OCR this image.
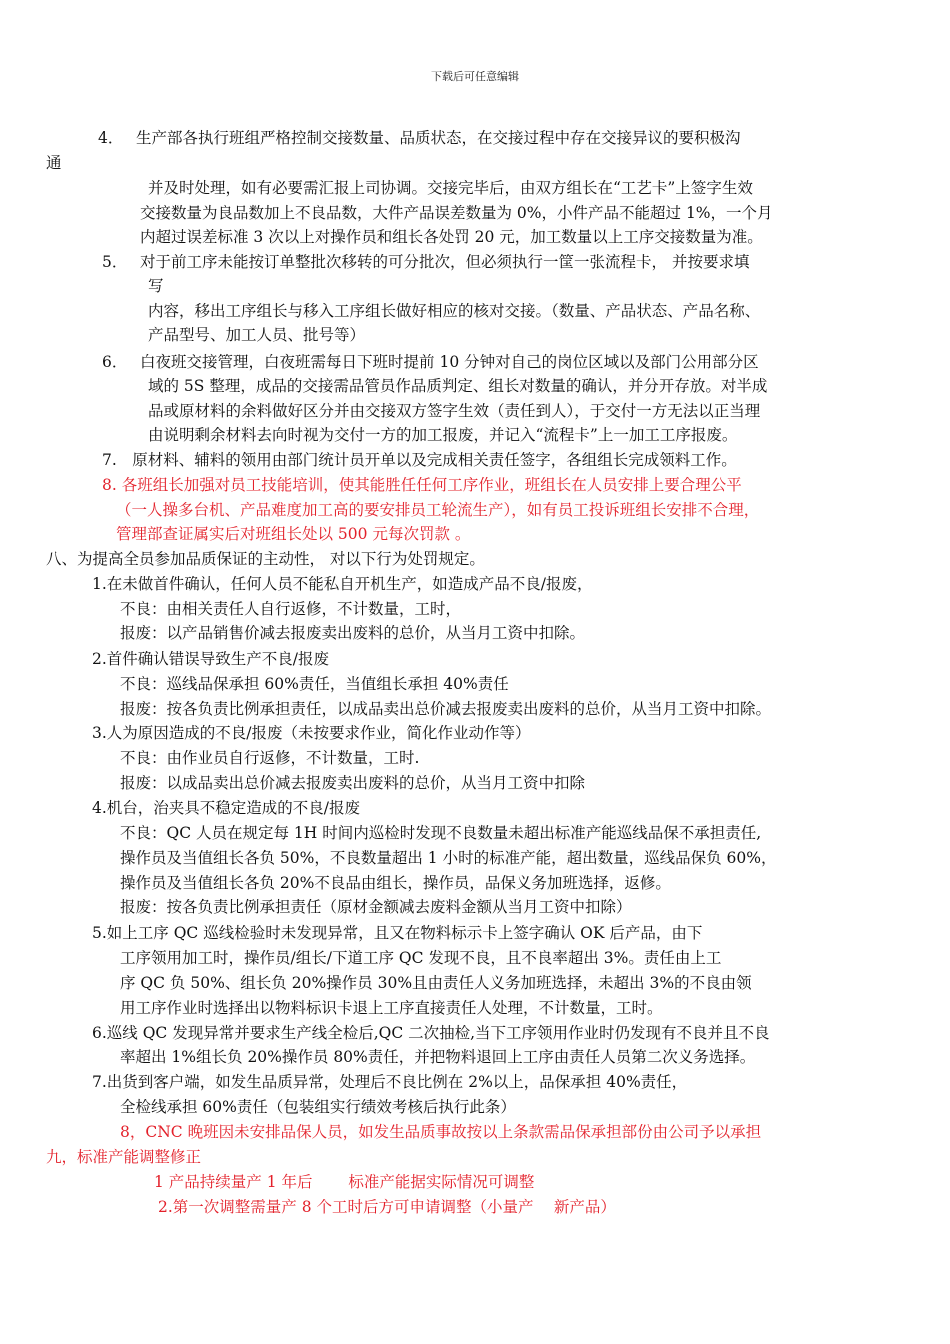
下载后可任意编辑
4．　 生产部各执行班组严格控制交接数量、品质状态，在交接过程中存在交接异议的要积极沟
通
并及时处理，如有必要需汇报上司协调。交接完毕后，由双方组长在“工艺卡”上签字生效
交接数量为良品数加上不良品数，大件产品误差数量为 0%，小件产品不能超过 1%，一个月
内超过误差标准 3 次以上对操作员和组长各处罚 20 元，加工数量以上工序交接数量为准。
5．　 对于前工序未能按订单整批次移转的可分批次，但必须执行一筐一张流程卡， 并按要求填
写
内容，移出工序组长与移入工序组长做好相应的核对交接。（数量、产品状态、产品名称、
产品型号、加工人员、批号等）
6．　 白夜班交接管理，白夜班需每日下班时提前 10 分钟对自己的岗位区域以及部门公用部分区
域的 5S 整理，成品的交接需品管员作品质判定、组长对数量的确认，并分开存放。对半成
品或原材料的余料做好区分并由交接双方签字生效（责任到人），于交付一方无法以正当理
由说明剩余材料去向时视为交付一方的加工报废，并记入“流程卡”上一加工工序报废。
7.　原材料、辅料的领用由部门统计员开单以及完成相关责任签字，各组组长完成领料工作。
8. 各班组长加强对员工技能培训，使其能胜任任何工序作业，班组长在人员安排上要合理公平
（一人操多台机、产品难度加工高的要安排员工轮流生产），如有员工投诉班组长安排不合理，
管理部查证属实后对班组长处以 500 元每次罚款 。
八、为提高全员参加品质保证的主动性， 对以下行为处罚规定。
1.在未做首件确认，任何人员不能私自开机生产，如造成产品不良/报废，
不良：由相关责任人自行返修，不计数量，工时，
报废：以产品销售价减去报废卖出废料的总价，从当月工资中扣除。
2.首件确认错误导致生产不良/报废
不良：巡线品保承担 60%责任，当值组长承担 40%责任
报废：按各负责比例承担责任，以成品卖出总价减去报废卖出废料的总价，从当月工资中扣除。
3.人为原因造成的不良/报废（未按要求作业，简化作业动作等）
不良：由作业员自行返修，不计数量，工时.
报废：以成品卖出总价减去报废卖出废料的总价，从当月工资中扣除
4.机台，治夹具不稳定造成的不良/报废
不良：QC 人员在规定每 1H 时间内巡检时发现不良数量未超出标准产能巡线品保不承担责任,
操作员及当值组长各负 50%，不良数量超出 1 小时的标准产能，超出数量，巡线品保负 60%，
操作员及当值组长各负 20%不良品由组长，操作员，品保义务加班选择，返修。
报废：按各负责比例承担责任（原材金额减去废料金额从当月工资中扣除）
5.如上工序 QC 巡线检验时未发现异常，且又在物料标示卡上签字确认 OK 后产品，由下
工序领用加工时，操作员/组长/下道工序 QC 发现不良，且不良率超出 3%。责任由上工
序 QC 负 50%、组长负 20%操作员 30%且由责任人义务加班选择，未超出 3%的不良由领
用工序作业时选择出以物料标识卡退上工序直接责任人处理，不计数量，工时。
6.巡线 QC 发现异常并要求生产线全检后,QC 二次抽检,当下工序领用作业时仍发现有不良并且不良
率超出 1%组长负 20%操作员 80%责任，并把物料退回上工序由责任人员第二次义务选择。
7.出货到客户端，如发生品质异常，处理后不良比例在 2%以上，品保承担 40%责任，
全检线承担 60%责任（包装组实行绩效考核后执行此条）
8，CNC 晚班因未安排品保人员，如发生品质事故按以上条款需品保承担部份由公司予以承担
九，标准产能调整修正
1 产品持续量产 1 年后　　 标准产能据实际情况可调整
2.第一次调整需量产 8 个工时后方可申请调整（小量产　 新产品）
